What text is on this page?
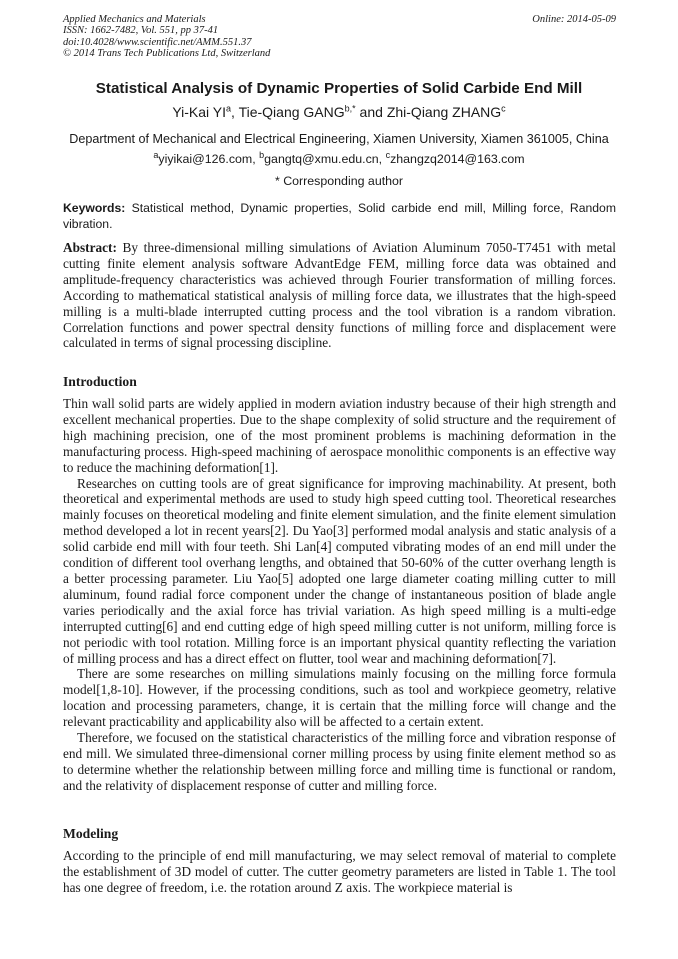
Applied Mechanics and Materials
ISSN: 1662-7482, Vol. 551, pp 37-41
doi:10.4028/www.scientific.net/AMM.551.37
© 2014 Trans Tech Publications Ltd, Switzerland
Online: 2014-05-09
Statistical Analysis of Dynamic Properties of Solid Carbide End Mill
Yi-Kai $YI^a$, Tie-Qiang $GANG^{b,*}$ and Zhi-Qiang ZHANG$^c$
Department of Mechanical and Electrical Engineering, Xiamen University, Xiamen 361005, China
$^a$yiyikai@126.com, $^b$gangtq@xmu.edu.cn, $^c$zhangzq2014@163.com
* Corresponding author
Keywords: Statistical method, Dynamic properties, Solid carbide end mill, Milling force, Random vibration.
Abstract: By three-dimensional milling simulations of Aviation Aluminum 7050-T7451 with metal cutting finite element analysis software AdvantEdge FEM, milling force data was obtained and amplitude-frequency characteristics was achieved through Fourier transformation of milling forces. According to mathematical statistical analysis of milling force data, we illustrates that the high-speed milling is a multi-blade interrupted cutting process and the tool vibration is a random vibration. Correlation functions and power spectral density functions of milling force and displacement were calculated in terms of signal processing discipline.
Introduction

Thin wall solid parts are widely applied in modern aviation industry because of their high strength and excellent mechanical properties. Due to the shape complexity of solid structure and the requirement of high machining precision, one of the most prominent problems is machining deformation in the manufacturing process. High-speed machining of aerospace monolithic components is an effective way to reduce the machining deformation[1].

Researches on cutting tools are of great significance for improving machinability. At present, both theoretical and experimental methods are used to study high speed cutting tool. Theoretical researches mainly focuses on theoretical modeling and finite element simulation, and the finite element simulation method developed a lot in recent years[2]. Du Yao[3] performed modal analysis and static analysis of a solid carbide end mill with four teeth. Shi Lan[4] computed vibrating modes of an end mill under the condition of different tool overhang lengths, and obtained that 50-60% of the cutter overhang length is a better processing parameter. Liu Yao[5] adopted one large diameter coating milling cutter to mill aluminum, found radial force component under the change of instantaneous position of blade angle varies periodically and the axial force has trivial variation. As high speed milling is a multi-edge interrupted cutting[6] and end cutting edge of high speed milling cutter is not uniform, milling force is not periodic with tool rotation. Milling force is an important physical quantity reflecting the variation of milling process and has a direct effect on flutter, tool wear and machining deformation[7].

There are some researches on milling simulations mainly focusing on the milling force formula model[1,8-10]. However, if the processing conditions, such as tool and workpiece geometry, relative location and processing parameters, change, it is certain that the milling force will change and the relevant practicability and applicability also will be affected to a certain extent.

Therefore, we focused on the statistical characteristics of the milling force and vibration response of end mill. We simulated three-dimensional corner milling process by using finite element method so as to determine whether the relationship between milling force and milling time is functional or random, and the relativity of displacement response of cutter and milling force.

Modeling

According to the principle of end mill manufacturing, we may select removal of material to complete the establishment of 3D model of cutter. The cutter geometry parameters are listed in Table 1. The tool has one degree of freedom, i.e. the rotation around Z axis. The workpiece material is
